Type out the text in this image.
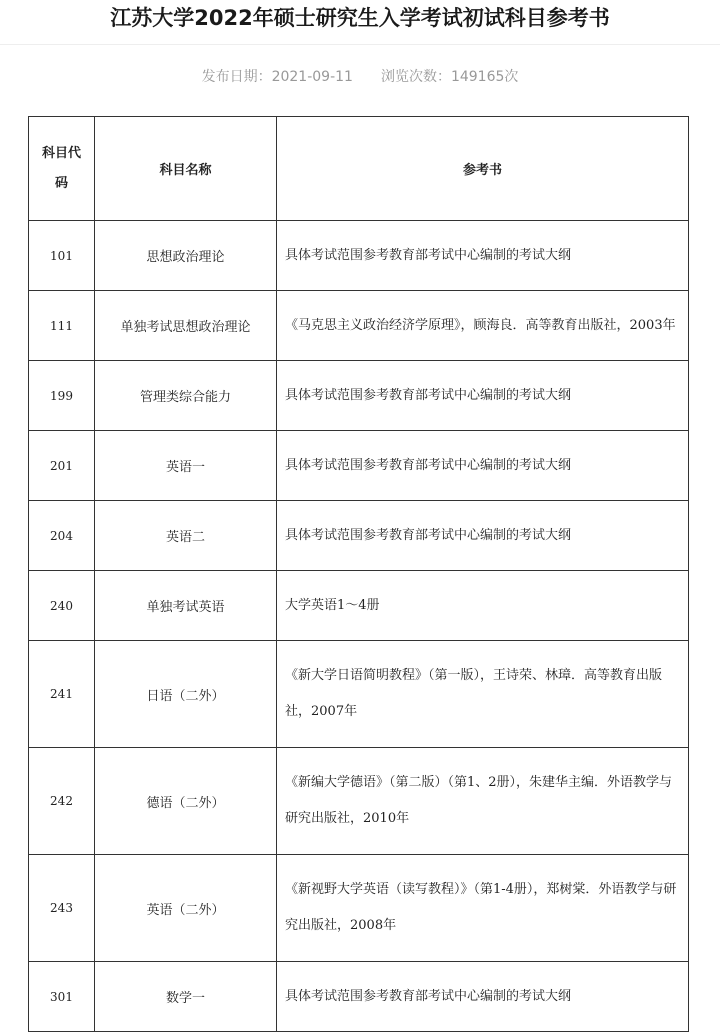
江苏大学2022年硕士研究生入学考试初试科目参考书
发布日期：2021-09-11 浏览次数：149165次
科目代码	科目名称	参考书
101	思想政治理论	具体考试范围参考教育部考试中心编制的考试大纲
111	单独考试思想政治理论	《马克思主义政治经济学原理》，顾海良．高等教育出版社，2003年
199	管理类综合能力	具体考试范围参考教育部考试中心编制的考试大纲
201	英语一	具体考试范围参考教育部考试中心编制的考试大纲
204	英语二	具体考试范围参考教育部考试中心编制的考试大纲
240	单独考试英语	大学英语1～4册
241	日语（二外）	《新大学日语简明教程》（第一版），王诗荣、林璋．高等教育出版社，2007年
242	德语（二外）	《新编大学德语》（第二版）（第1、2册），朱建华主编．外语教学与研究出版社，2010年
243	英语（二外）	《新视野大学英语（读写教程）》（第1-4册），郑树棠．外语教学与研究出版社，2008年
301	数学一	具体考试范围参考教育部考试中心编制的考试大纲
